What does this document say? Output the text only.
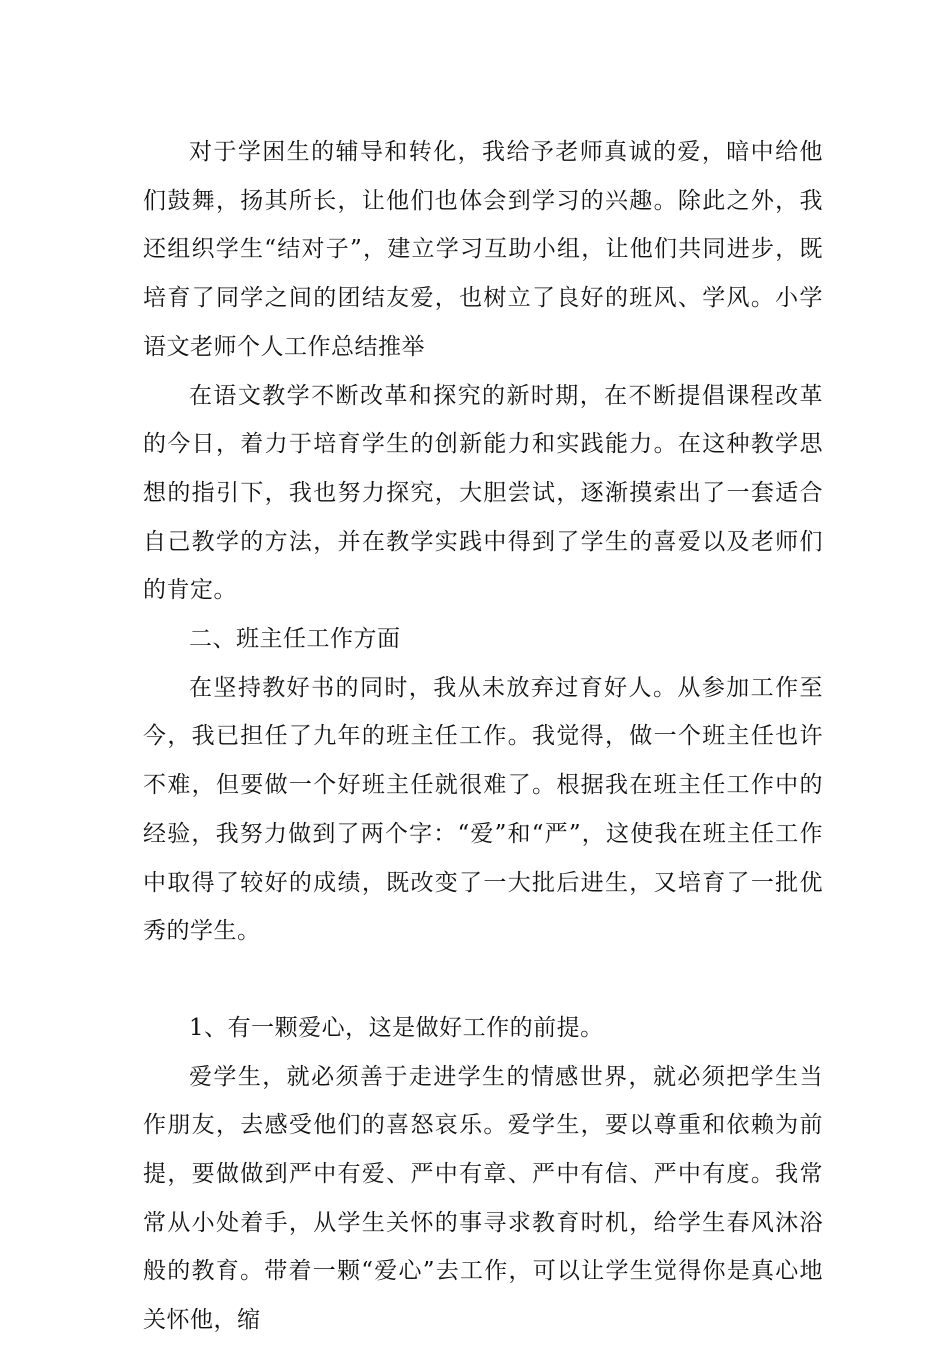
对于学困生的辅导和转化，我给予老师真诚的爱，暗中给他们鼓舞，扬其所长，让他们也体会到学习的兴趣。除此之外，我还组织学生“结对子”，建立学习互助小组，让他们共同进步，既培育了同学之间的团结友爱，也树立了良好的班风、学风。小学语文老师个人工作总结推举

在语文教学不断改革和探究的新时期，在不断提倡课程改革的今日，着力于培育学生的创新能力和实践能力。在这种教学思想的指引下，我也努力探究，大胆尝试，逐渐摸索出了一套适合自己教学的方法，并在教学实践中得到了学生的喜爱以及老师们的肯定。

二、班主任工作方面

在坚持教好书的同时，我从未放弃过育好人。从参加工作至今，我已担任了九年的班主任工作。我觉得，做一个班主任也许不难，但要做一个好班主任就很难了。根据我在班主任工作中的经验，我努力做到了两个字：“爱”和“严”，这使我在班主任工作中取得了较好的成绩，既改变了一大批后进生，又培育了一批优秀的学生。

1、有一颗爱心，这是做好工作的前提。

爱学生，就必须善于走进学生的情感世界，就必须把学生当作朋友，去感受他们的喜怒哀乐。爱学生，要以尊重和依赖为前提，要做做到严中有爱、严中有章、严中有信、严中有度。我常常从小处着手，从学生关怀的事寻求教育时机，给学生春风沐浴般的教育。带着一颗“爱心”去工作，可以让学生觉得你是真心地关怀他，缩
